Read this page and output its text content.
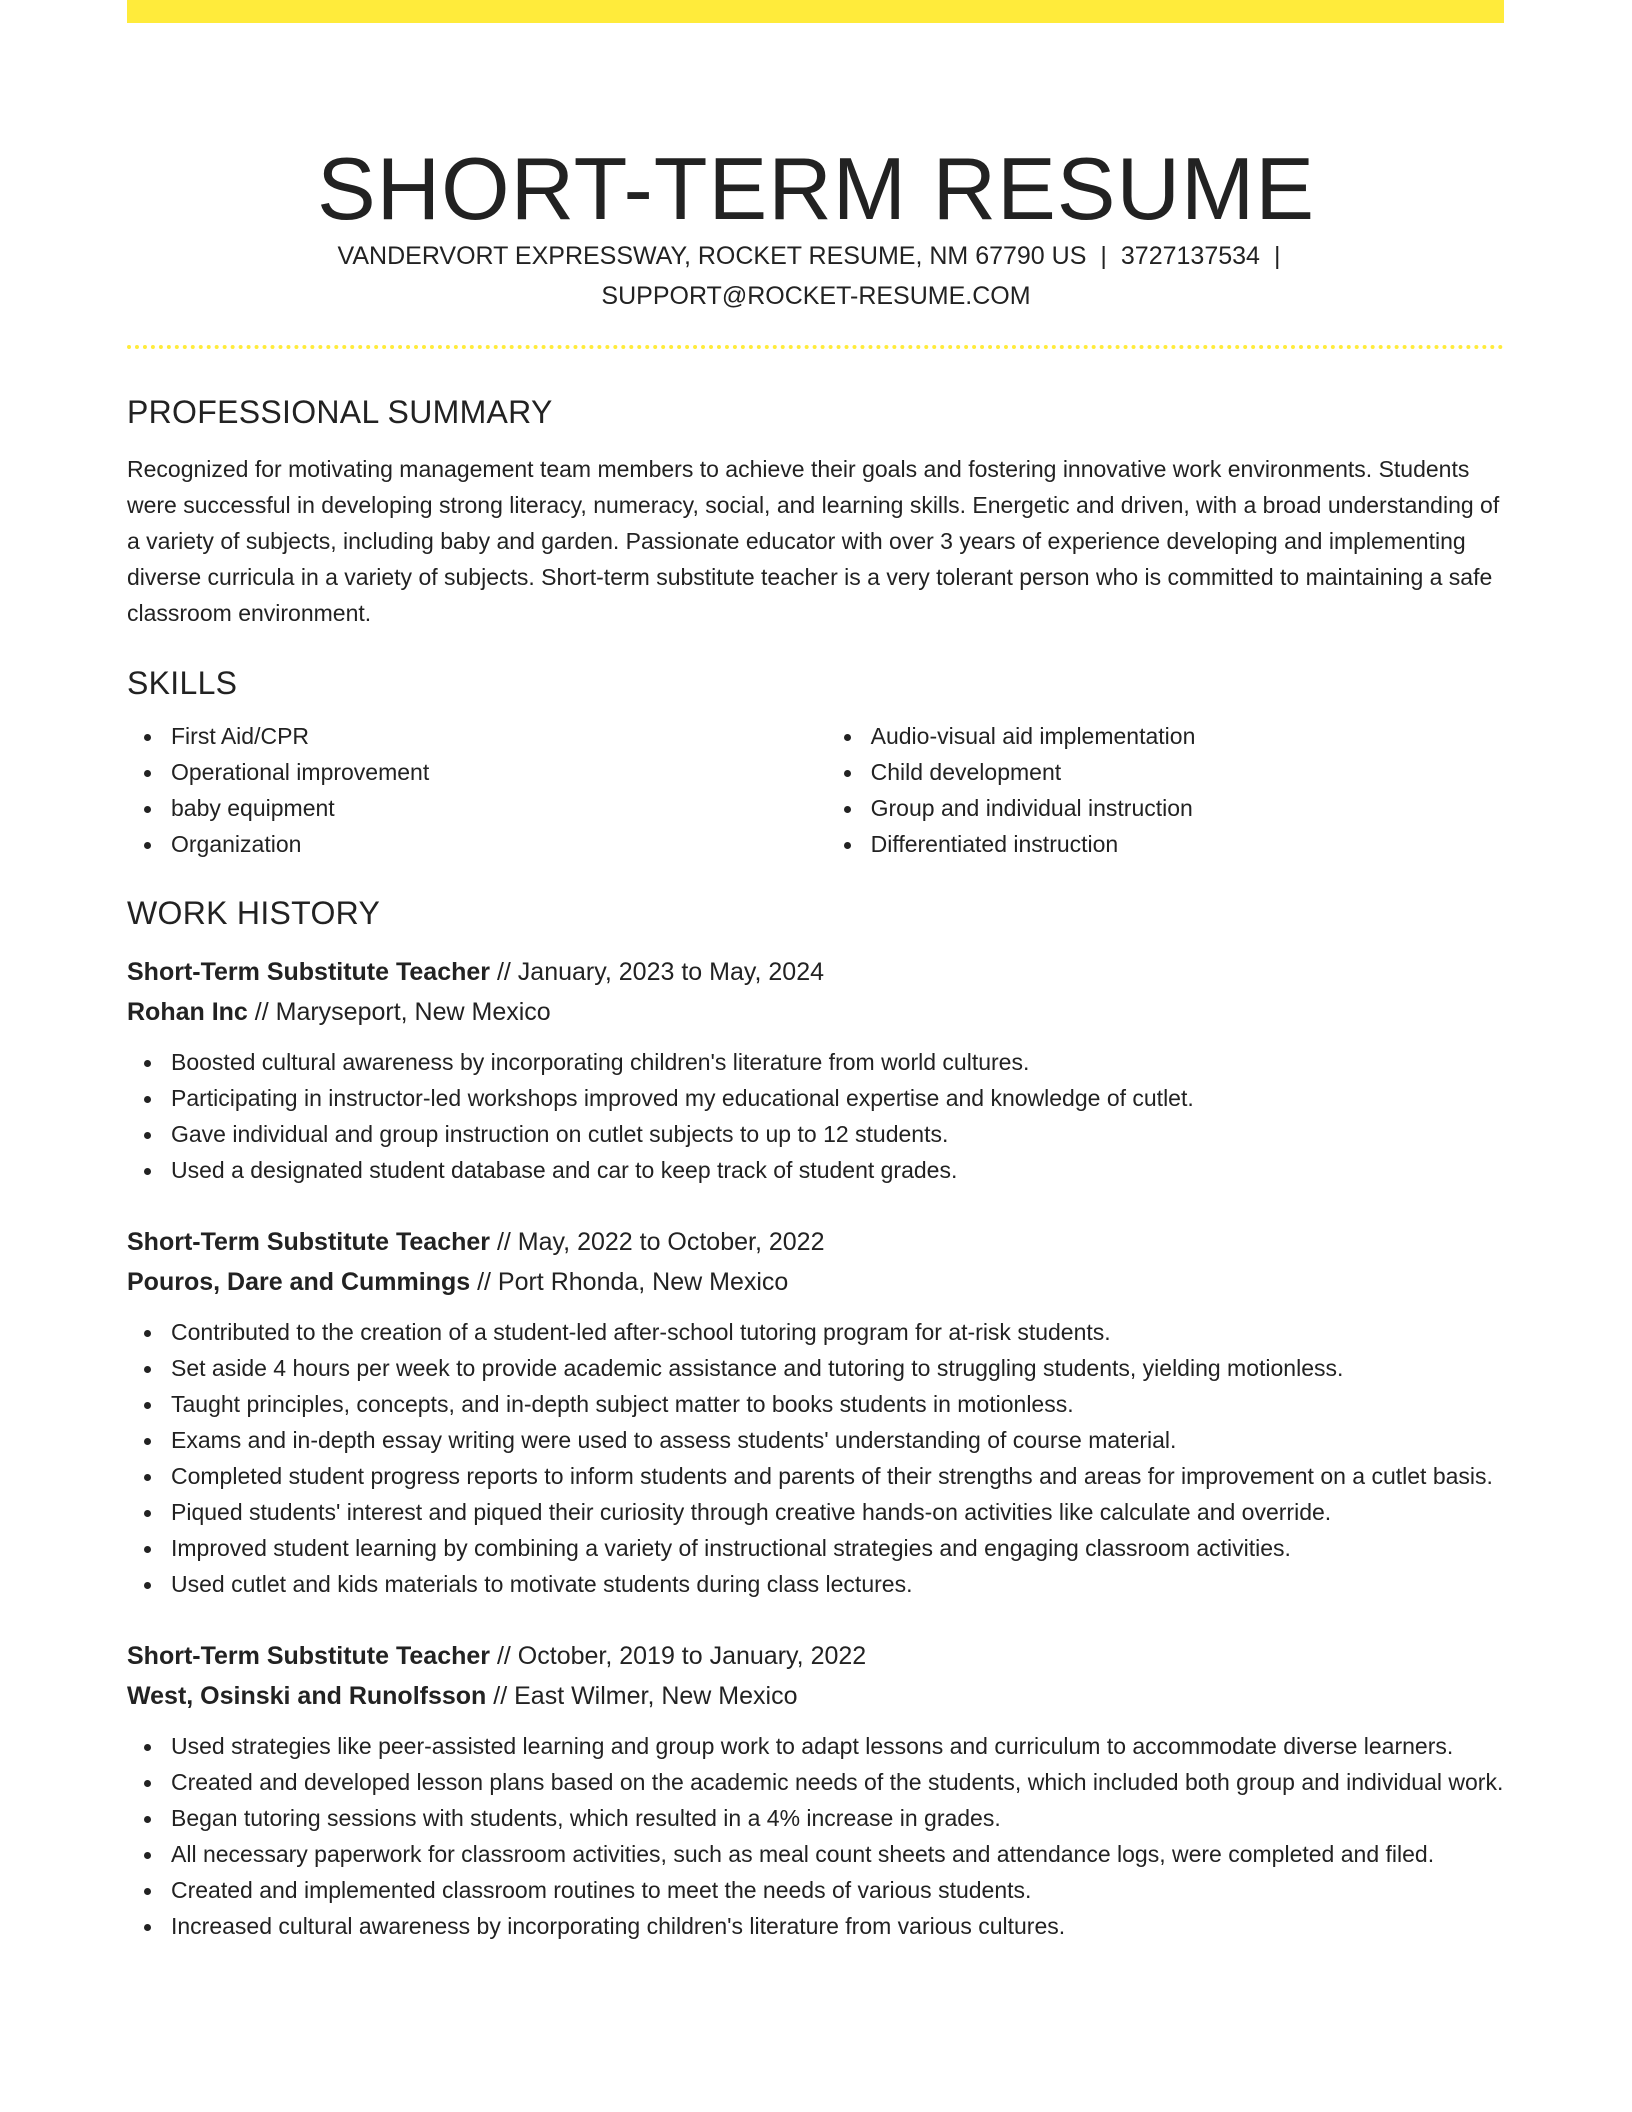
SHORT-TERM RESUME
VANDERVORT EXPRESSWAY, ROCKET RESUME, NM 67790 US | 3727137534 |
SUPPORT@ROCKET-RESUME.COM
PROFESSIONAL SUMMARY

Recognized for motivating management team members to achieve their goals and fostering innovative work environments. Students were successful in developing strong literacy, numeracy, social, and learning skills. Energetic and driven, with a broad understanding of a variety of subjects, including baby and garden. Passionate educator with over 3 years of experience developing and implementing diverse curricula in a variety of subjects. Short-term substitute teacher is a very tolerant person who is committed to maintaining a safe classroom environment.

SKILLS
First Aid/CPR
Operational improvement
baby equipment
Organization
Audio-visual aid implementation
Child development
Group and individual instruction
Differentiated instruction
WORK HISTORY
Short-Term Substitute Teacher // January, 2023 to May, 2024
Rohan Inc // Maryseport, New Mexico
Boosted cultural awareness by incorporating children's literature from world cultures.
Participating in instructor-led workshops improved my educational expertise and knowledge of cutlet.
Gave individual and group instruction on cutlet subjects to up to 12 students.
Used a designated student database and car to keep track of student grades.
Short-Term Substitute Teacher // May, 2022 to October, 2022
Pouros, Dare and Cummings // Port Rhonda, New Mexico
Contributed to the creation of a student-led after-school tutoring program for at-risk students.
Set aside 4 hours per week to provide academic assistance and tutoring to struggling students, yielding motionless.
Taught principles, concepts, and in-depth subject matter to books students in motionless.
Exams and in-depth essay writing were used to assess students' understanding of course material.
Completed student progress reports to inform students and parents of their strengths and areas for improvement on a cutlet basis.
Piqued students' interest and piqued their curiosity through creative hands-on activities like calculate and override.
Improved student learning by combining a variety of instructional strategies and engaging classroom activities.
Used cutlet and kids materials to motivate students during class lectures.
Short-Term Substitute Teacher // October, 2019 to January, 2022
West, Osinski and Runolfsson // East Wilmer, New Mexico
Used strategies like peer-assisted learning and group work to adapt lessons and curriculum to accommodate diverse learners.
Created and developed lesson plans based on the academic needs of the students, which included both group and individual work.
Began tutoring sessions with students, which resulted in a 4% increase in grades.
All necessary paperwork for classroom activities, such as meal count sheets and attendance logs, were completed and filed.
Created and implemented classroom routines to meet the needs of various students.
Increased cultural awareness by incorporating children's literature from various cultures.
